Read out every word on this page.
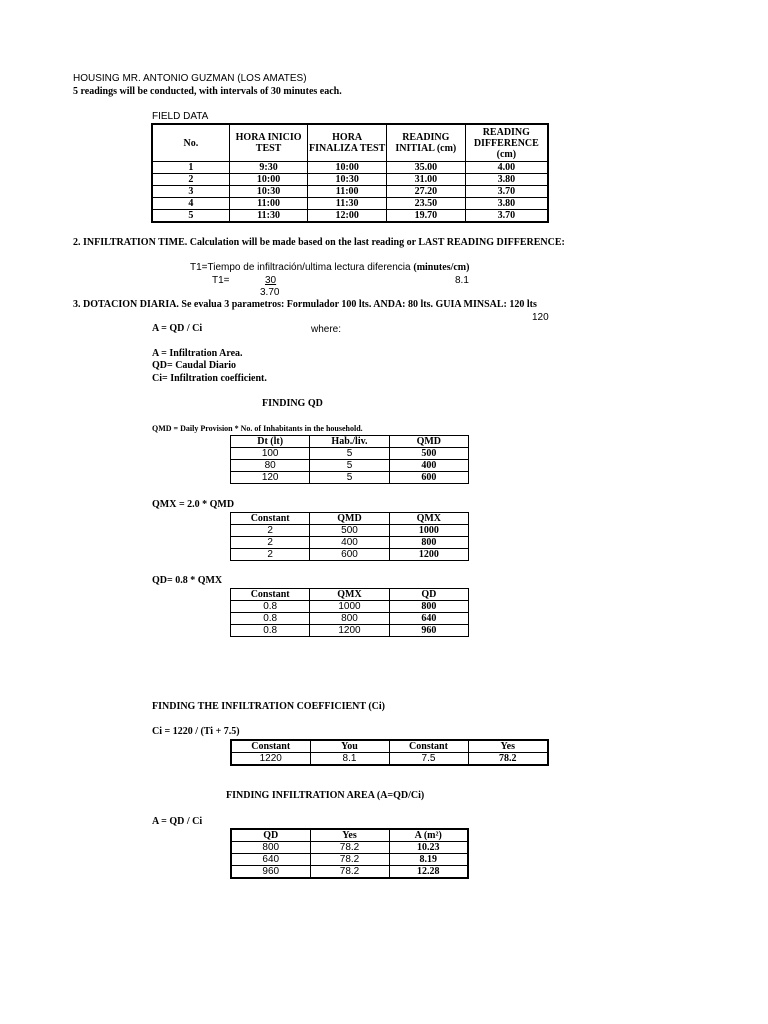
HOUSING MR. ANTONIO GUZMAN (LOS AMATES)
5 readings will be conducted, with intervals of 30 minutes each.
FIELD DATA
No.	HORA INICIO TEST	HORA FINALIZA TEST	READING INITIAL (cm)	READING DIFFERENCE (cm)
1	9:30	10:00	35.00	4.00
2	10:00	10:30	31.00	3.80
3	10:30	11:00	27.20	3.70
4	11:00	11:30	23.50	3.80
5	11:30	12:00	19.70	3.70
2. INFILTRATION TIME. Calculation will be made based on the last reading or LAST READING DIFFERENCE:
T1=Tiempo de infiltración/ultima lectura diferencia (minutes/cm)
T1=	30	8.1
3.70
3. DOTACION DIARIA. Se evalua 3 parametros: Formulador 100 lts. ANDA: 80 lts. GUIA MINSAL: 120 lts
120
A = QD / Ci	where:
A = Infiltration Area.
QD= Caudal Diario
Ci= Infiltration coefficient.
FINDING QD
QMD = Daily Provision * No. of Inhabitants in the household.
Dt (lt)	Hab./liv.	QMD
100	5	500
80	5	400
120	5	600
QMX = 2.0 * QMD
Constant	QMD	QMX
2	500	1000
2	400	800
2	600	1200
QD= 0.8 * QMX
Constant	QMX	QD
0.8	1000	800
0.8	800	640
0.8	1200	960
FINDING THE INFILTRATION COEFFICIENT (Ci)
Ci = 1220 / (Ti + 7.5)
Constant	You	Constant	Yes
1220	8.1	7.5	78.2
FINDING INFILTRATION AREA (A=QD/Ci)
A = QD / Ci
QD	Yes	A (m²)
800	78.2	10.23
640	78.2	8.19
960	78.2	12.28
